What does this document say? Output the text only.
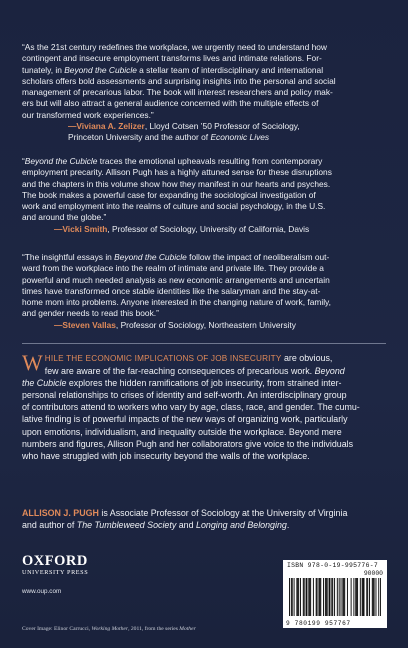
“As the 21st century redefines the workplace, we urgently need to understand how

contingent and insecure employment transforms lives and intimate relations. For-

tunately, in Beyond the Cubicle a stellar team of interdisciplinary and international

scholars offers bold assessments and surprising insights into the personal and social

management of precarious labor. The book will interest researchers and policy mak-

ers but will also attract a general audience concerned with the multiple effects of

our transformed work experiences.”

—Viviana A. Zelizer, Lloyd Cotsen ’50 Professor of Sociology,

Princeton University and the author of Economic Lives

“Beyond the Cubicle traces the emotional upheavals resulting from contemporary

employment precarity. Allison Pugh has a highly attuned sense for these disruptions

and the chapters in this volume show how they manifest in our hearts and psyches.

The book makes a powerful case for expanding the sociological investigation of

work and employment into the realms of culture and social psychology, in the U.S.

and around the globe.”

—Vicki Smith, Professor of Sociology, University of California, Davis

“The insightful essays in Beyond the Cubicle follow the impact of neoliberalism out-

ward from the workplace into the realm of intimate and private life. They provide a

powerful and much needed analysis as new economic arrangements and uncertain

times have transformed once stable identities like the salaryman and the stay-at-

home mom into problems. Anyone interested in the changing nature of work, family,

and gender needs to read this book.”

—Steven Vallas, Professor of Sociology, Northeastern University

WHILE THE ECONOMIC IMPLICATIONS OF JOB INSECURITY are obvious,

few are aware of the far-reaching consequences of precarious work. Beyond

the Cubicle explores the hidden ramifications of job insecurity, from strained inter-

personal relationships to crises of identity and self-worth. An interdisciplinary group

of contributors attend to workers who vary by age, class, race, and gender. The cumu-

lative finding is of powerful impacts of the new ways of organizing work, particularly

upon emotions, individualism, and inequality outside the workplace. Beyond mere

numbers and figures, Allison Pugh and her collaborators give voice to the individuals

who have struggled with job insecurity beyond the walls of the workplace.

ALLISON J. PUGH is Associate Professor of Sociology at the University of Virginia

and author of The Tumbleweed Society and Longing and Belonging.

OXFORD
UNIVERSITY PRESS
www.oup.com
Cover Image: Elinor Carrucci, Working Mother, 2011, from the series Mother
ISBN 978-0-19-995776-7
90000
9 780199 957767
